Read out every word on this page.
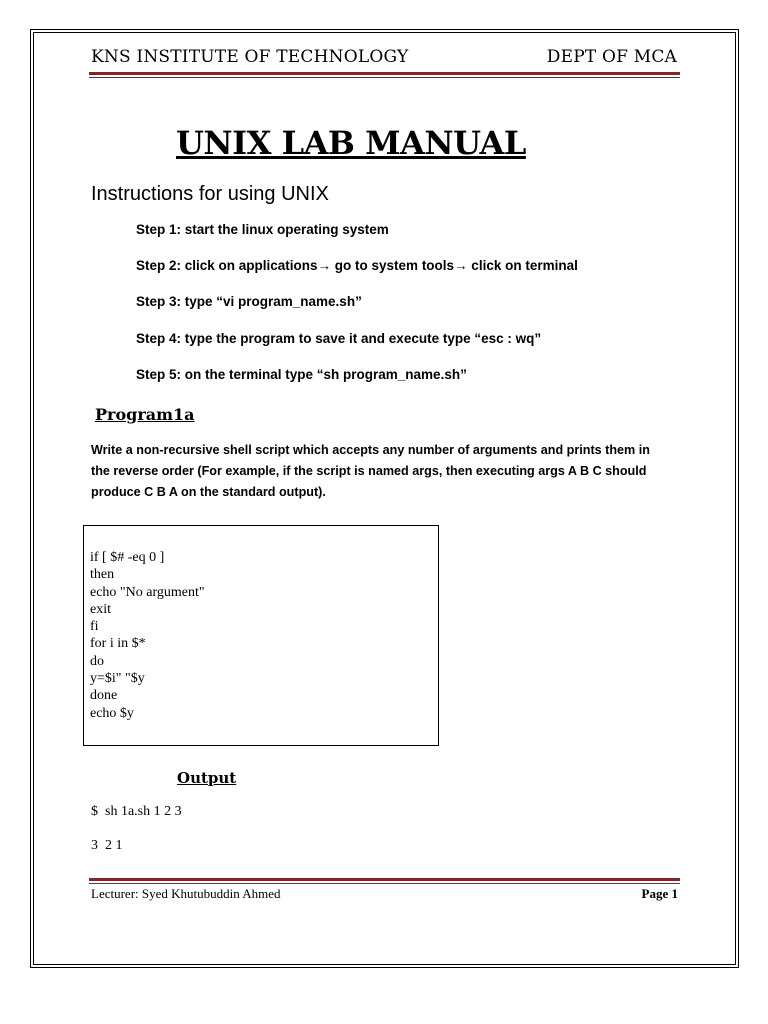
KNS INSTITUTE OF TECHNOLOGY	DEPT OF MCA
UNIX LAB MANUAL
Instructions for using UNIX
Step 1: start the linux operating system
Step 2: click on applications→ go to system tools→ click on terminal
Step 3: type “vi program_name.sh”
Step 4: type the program to save it and execute type “esc : wq”
Step 5: on the terminal type “sh program_name.sh”
Program1a
Write a non-recursive shell script which accepts any number of arguments and prints them in
the reverse order (For example, if the script is named args, then executing args A B C should
produce C B A on the standard output).
if [ $# -eq 0 ]
then
echo "No argument"
exit
fi
for i in $*
do
y=$i" "$y
done
echo $y
Output
$  sh 1a.sh 1 2 3
3  2 1
Lecturer: Syed Khutubuddin Ahmed	Page 1
